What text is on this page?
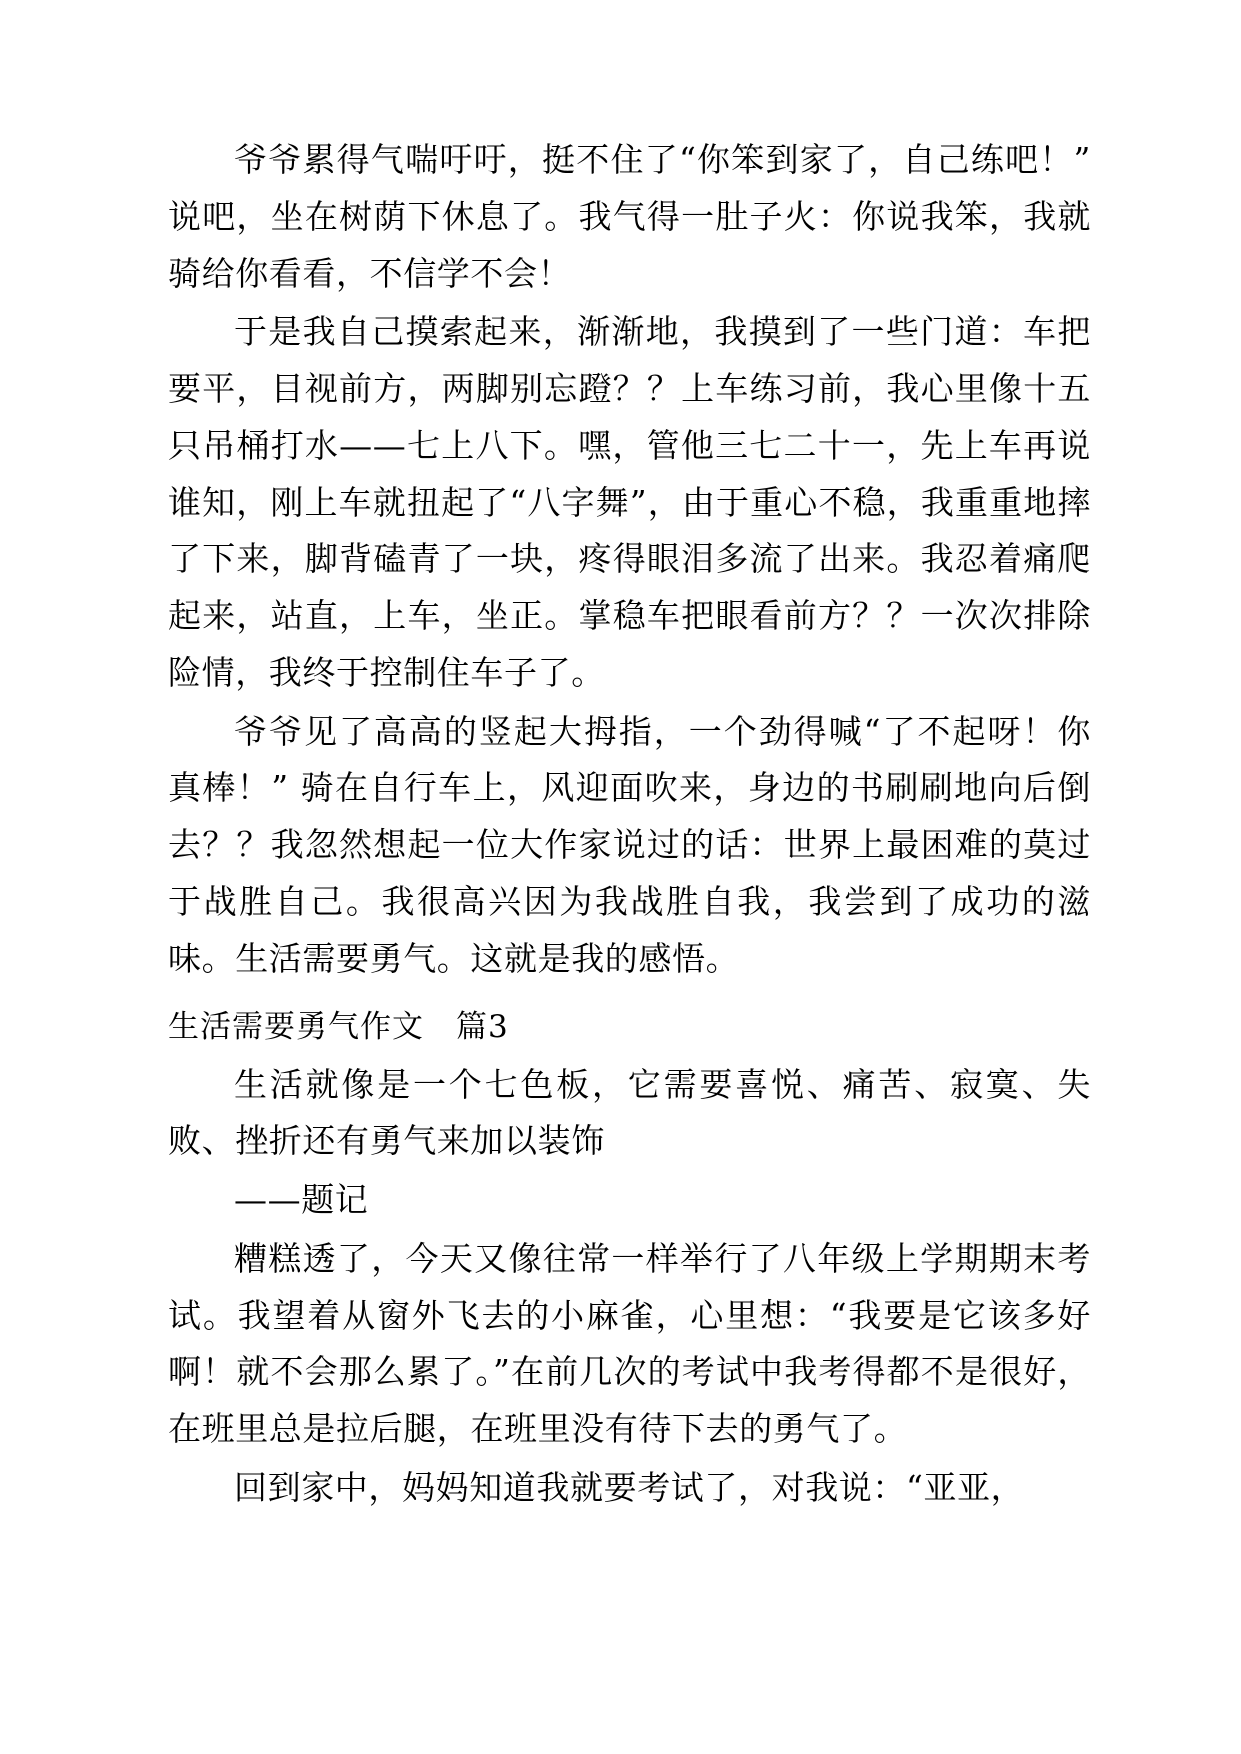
爷爷累得气喘吁吁，挺不住了“你笨到家了，自己练吧！”说吧，坐在树荫下休息了。我气得一肚子火：你说我笨，我就骑给你看看，不信学不会！

于是我自己摸索起来，渐渐地，我摸到了一些门道：车把要平，目视前方，两脚别忘蹬？？上车练习前，我心里像十五只吊桶打水——七上八下。嘿，管他三七二十一，先上车再说谁知，刚上车就扭起了“八字舞”，由于重心不稳，我重重地摔了下来，脚背磕青了一块，疼得眼泪多流了出来。我忍着痛爬起来，站直，上车，坐正。掌稳车把眼看前方？？一次次排除险情，我终于控制住车子了。

爷爷见了高高的竖起大拇指，一个劲得喊“了不起呀！你真棒！” 骑在自行车上，风迎面吹来，身边的书刷刷地向后倒去？？我忽然想起一位大作家说过的话：世界上最困难的莫过于战胜自己。我很高兴因为我战胜自我，我尝到了成功的滋味。生活需要勇气。这就是我的感悟。

生活需要勇气作文　篇3

生活就像是一个七色板，它需要喜悦、痛苦、寂寞、失败、挫折还有勇气来加以装饰

——题记

糟糕透了，今天又像往常一样举行了八年级上学期期末考试。我望着从窗外飞去的小麻雀，心里想：“我要是它该多好啊！就不会那么累了。”在前几次的考试中我考得都不是很好，在班里总是拉后腿，在班里没有待下去的勇气了。

回到家中，妈妈知道我就要考试了，对我说：“亚亚，
